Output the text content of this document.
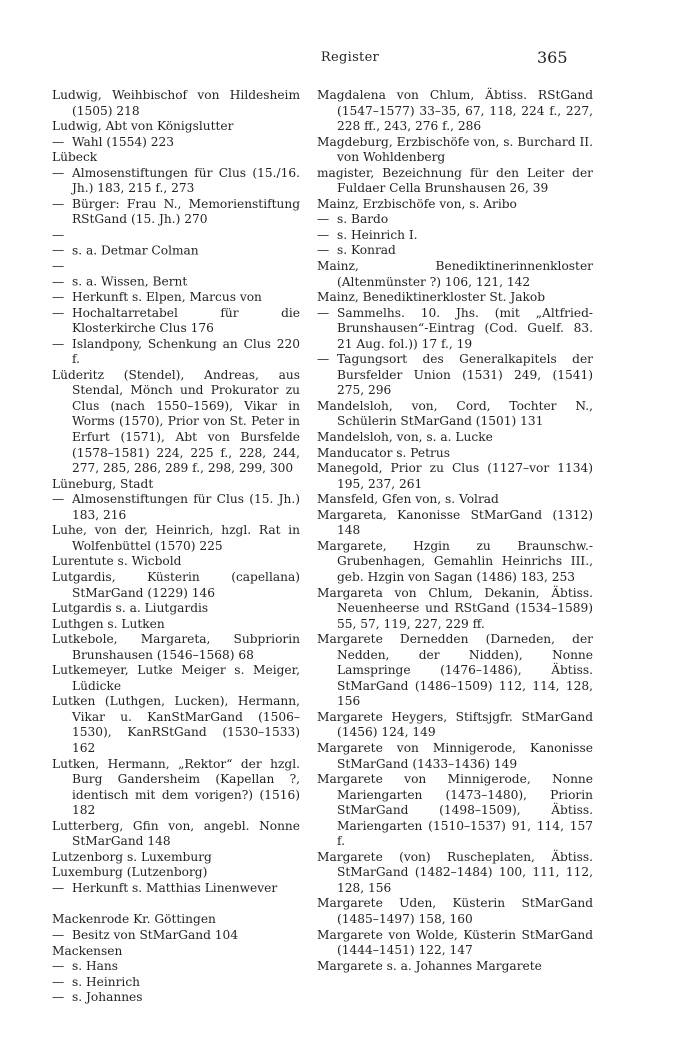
Register	365
Ludwig, Weihbischof von Hildesheim (1505) 218
Ludwig, Abt von Königslutter
— Wahl (1554) 223
Lübeck
— Almosenstiftungen für Clus (15./16. Jh.) 183, 215 f., 273
— Bürger: Frau N., Memorienstiftung RStGand (15. Jh.) 270
— — s. a. Detmar Colman
— — s. a. Wissen, Bernt
— Herkunft s. Elpen, Marcus von
— Hochaltarretabel für die Klosterkirche Clus 176
— Islandpony, Schenkung an Clus 220 f.
Lüderitz (Stendel), Andreas, aus Stendal, Mönch und Prokurator zu Clus (nach 1550–1569), Vikar in Worms (1570), Prior von St. Peter in Erfurt (1571), Abt von Bursfelde (1578–1581) 224, 225 f., 228, 244, 277, 285, 286, 289 f., 298, 299, 300
Lüneburg, Stadt
— Almosenstiftungen für Clus (15. Jh.) 183, 216
Luhe, von der, Heinrich, hzgl. Rat in Wolfenbüttel (1570) 225
Lurentute s. Wicbold
Lutgardis, Küsterin (capellana) StMarGand (1229) 146
Lutgardis s. a. Liutgardis
Luthgen s. Lutken
Lutkebole, Margareta, Subpriorin Brunshausen (1546–1568) 68
Lutkemeyer, Lutke Meiger s. Meiger, Lüdicke
Lutken (Luthgen, Lucken), Hermann, Vikar u. KanStMarGand (1506–1530), KanRStGand (1530–1533) 162
Lutken, Hermann, „Rektor“ der hzgl. Burg Gandersheim (Kapellan ?, identisch mit dem vorigen?) (1516) 182
Lutterberg, Gfin von, angebl. Nonne StMarGand 148
Lutzenborg s. Luxemburg
Luxemburg (Lutzenborg)
— Herkunft s. Matthias Linenwever
Mackenrode Kr. Göttingen
— Besitz von StMarGand 104
Mackensen
— s. Hans
— s. Heinrich
— s. Johannes
Magdalena von Chlum, Äbtiss. RStGand (1547–1577) 33–35, 67, 118, 224 f., 227, 228 ff., 243, 276 f., 286
Magdeburg, Erzbischöfe von, s. Burchard II. von Wohldenberg
magister, Bezeichnung für den Leiter der Fuldaer Cella Brunshausen 26, 39
Mainz, Erzbischöfe von, s. Aribo
— s. Bardo
— s. Heinrich I.
— s. Konrad
Mainz, Benediktinerinnenkloster (Altenmünster ?) 106, 121, 142
Mainz, Benediktinerkloster St. Jakob
— Sammelhs. 10. Jhs. (mit „Altfried-Brunshausen“-Eintrag (Cod. Guelf. 83. 21 Aug. fol.)) 17 f., 19
— Tagungsort des Generalkapitels der Bursfelder Union (1531) 249, (1541) 275, 296
Mandelsloh, von, Cord, Tochter N., Schülerin StMarGand (1501) 131
Mandelsloh, von, s. a. Lucke
Manducator s. Petrus
Manegold, Prior zu Clus (1127–vor 1134) 195, 237, 261
Mansfeld, Gfen von, s. Volrad
Margareta, Kanonisse StMarGand (1312) 148
Margarete, Hzgin zu Braunschw.-Grubenhagen, Gemahlin Heinrichs III., geb. Hzgin von Sagan (1486) 183, 253
Margareta von Chlum, Dekanin, Äbtiss. Neuenheerse und RStGand (1534–1589) 55, 57, 119, 227, 229 ff.
Margarete Dernedden (Darneden, der Nedden, der Nidden), Nonne Lamspringe (1476–1486), Äbtiss. StMarGand (1486–1509) 112, 114, 128, 156
Margarete Heygers, Stiftsjgfr. StMarGand (1456) 124, 149
Margarete von Minnigerode, Kanonisse StMarGand (1433–1436) 149
Margarete von Minnigerode, Nonne Mariengarten (1473–1480), Priorin StMarGand (1498–1509), Äbtiss. Mariengarten (1510–1537) 91, 114, 157 f.
Margarete (von) Ruscheplaten, Äbtiss. StMarGand (1482–1484) 100, 111, 112, 128, 156
Margarete Uden, Küsterin StMarGand (1485–1497) 158, 160
Margarete von Wolde, Küsterin StMarGand (1444–1451) 122, 147
Margarete s. a. Johannes Margarete
